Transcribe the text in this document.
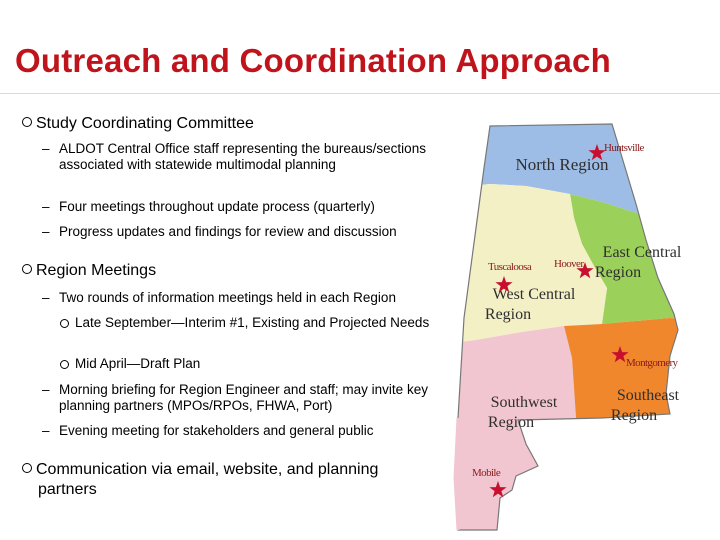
Outreach and Coordination Approach
Study Coordinating Committee
– ALDOT Central Office staff representing the bureaus/sections associated with statewide multimodal planning
– Four meetings throughout update process (quarterly)
– Progress updates and findings for review and discussion
Region Meetings
– Two rounds of information meetings held in each Region
Late September—Interim #1, Existing and Projected Needs
Mid April—Draft Plan
– Morning briefing for Region Engineer and staff; may invite key planning partners (MPOs/RPOs, FHWA, Port)
– Evening meeting for stakeholders and general public
Communication via email, website, and planning
partners
North Region
East Central
Region
West Central
Region
Southwest
Region
Southeast
Region
Huntsville
Tuscaloosa Hoover
Montgomery
Mobile
